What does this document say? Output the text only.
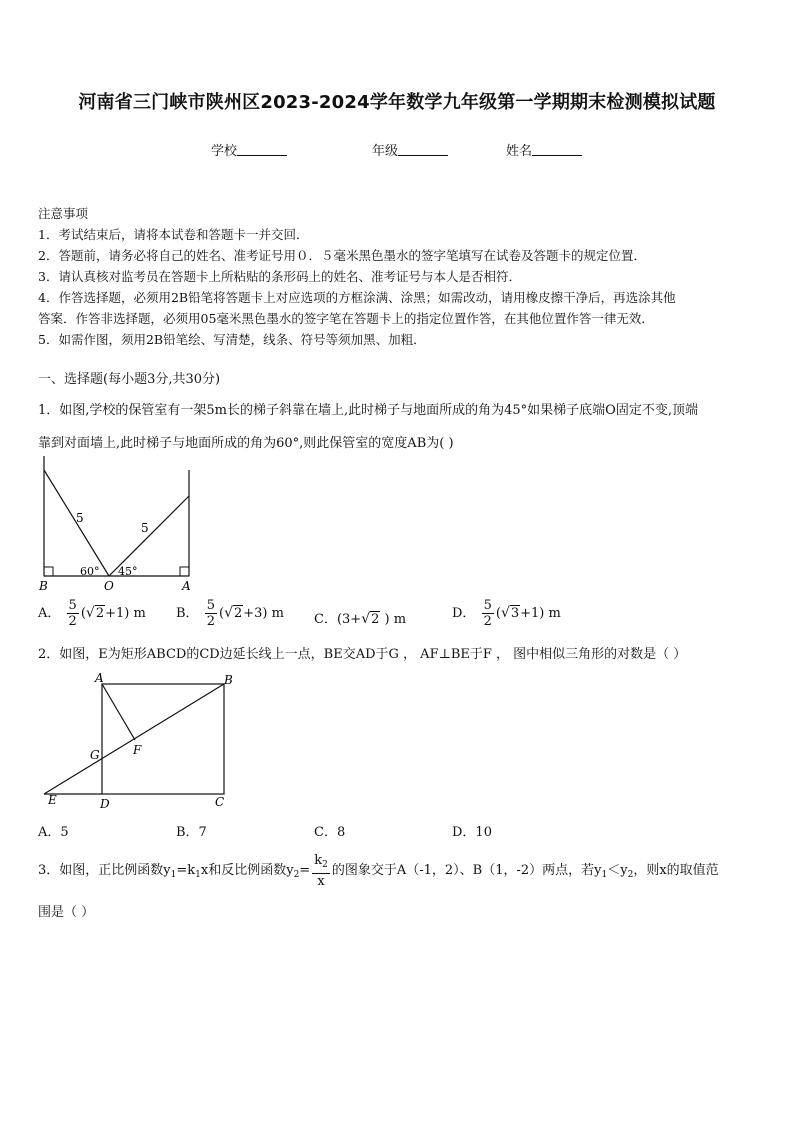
河南省三门峡市陕州区2023-2024学年数学九年级第一学期期末检测模拟试题
学校	年级	姓名
注意事项
1．考试结束后，请将本试卷和答题卡一并交回．
2．答题前，请务必将自己的姓名、准考证号用０．５毫米黑色墨水的签字笔填写在试卷及答题卡的规定位置．
3．请认真核对监考员在答题卡上所粘贴的条形码上的姓名、准考证号与本人是否相符．
4．作答选择题，必须用2B铅笔将答题卡上对应选项的方框涂满、涂黑；如需改动，请用橡皮擦干净后，再选涂其他
答案．作答非选择题，必须用05毫米黑色墨水的签字笔在答题卡上的指定位置作答，在其他位置作答一律无效．
5．如需作图，须用2B铅笔绘、写清楚，线条、符号等须加黑、加粗．
一、选择题(每小题3分,共30分)
1．如图,学校的保管室有一架5m长的梯子斜靠在墙上,此时梯子与地面所成的角为45°如果梯子底端O固定不变,顶端
靠到对面墙上,此时梯子与地面所成的角为60°,则此保管室的宽度AB为( )
5
5
60° 45°
B	O	A
A． $\frac{5}{2} (√2+1)$ m B． $\frac{5}{2} (√2+3)$ m C．(3+√2 ) m	D． $\frac{5}{2} (√3+1)$ m
2．如图，E为矩形ABCD的CD边延长线上一点，BE交AD于G ， AF⊥BE于F ， 图中相似三角形的对数是（ ）
A	B
C
D
E
F
G
A．5	B．7	C．8	D．10
3．如图，正比例函数$y_1=k_1x$和反比例函数$y_2= \frac{k_2}{x}$ 的图象交于A（-1，2）、B（1，-2）两点，若$y_1<y_2$，则x的取值范
围是（ ）
